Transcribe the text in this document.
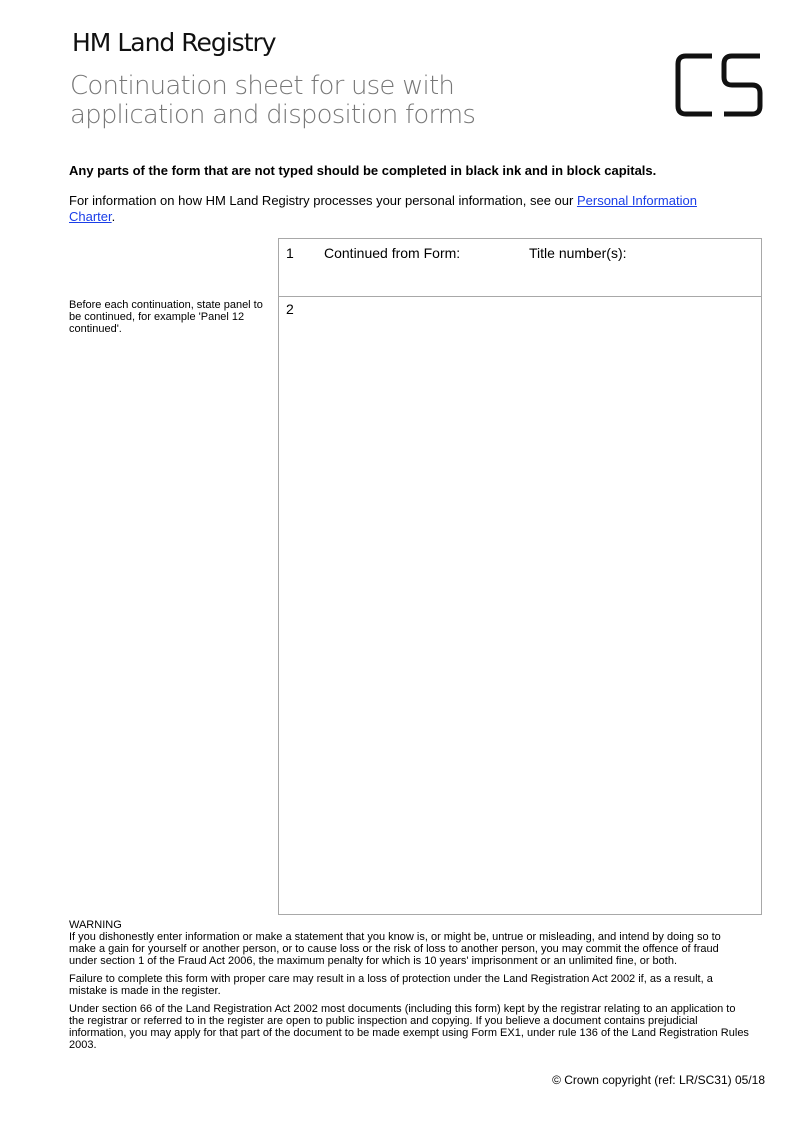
HM Land Registry
Continuation sheet for use with application and disposition forms
Any parts of the form that are not typed should be completed in black ink and in block capitals.
For information on how HM Land Registry processes your personal information, see our Personal Information Charter.
1 Continued from Form:	Title number(s):
2
Before each continuation, state panel to be continued, for example 'Panel 12 continued'.
WARNING

If you dishonestly enter information or make a statement that you know is, or might be, untrue or misleading, and intend by doing so to make a gain for yourself or another person, or to cause loss or the risk of loss to another person, you may commit the offence of fraud under section 1 of the Fraud Act 2006, the maximum penalty for which is 10 years' imprisonment or an unlimited fine, or both.

Failure to complete this form with proper care may result in a loss of protection under the Land Registration Act 2002 if, as a result, a mistake is made in the register.

Under section 66 of the Land Registration Act 2002 most documents (including this form) kept by the registrar relating to an application to the registrar or referred to in the register are open to public inspection and copying. If you believe a document contains prejudicial information, you may apply for that part of the document to be made exempt using Form EX1, under rule 136 of the Land Registration Rules 2003.

© Crown copyright (ref: LR/SC31) 05/18
